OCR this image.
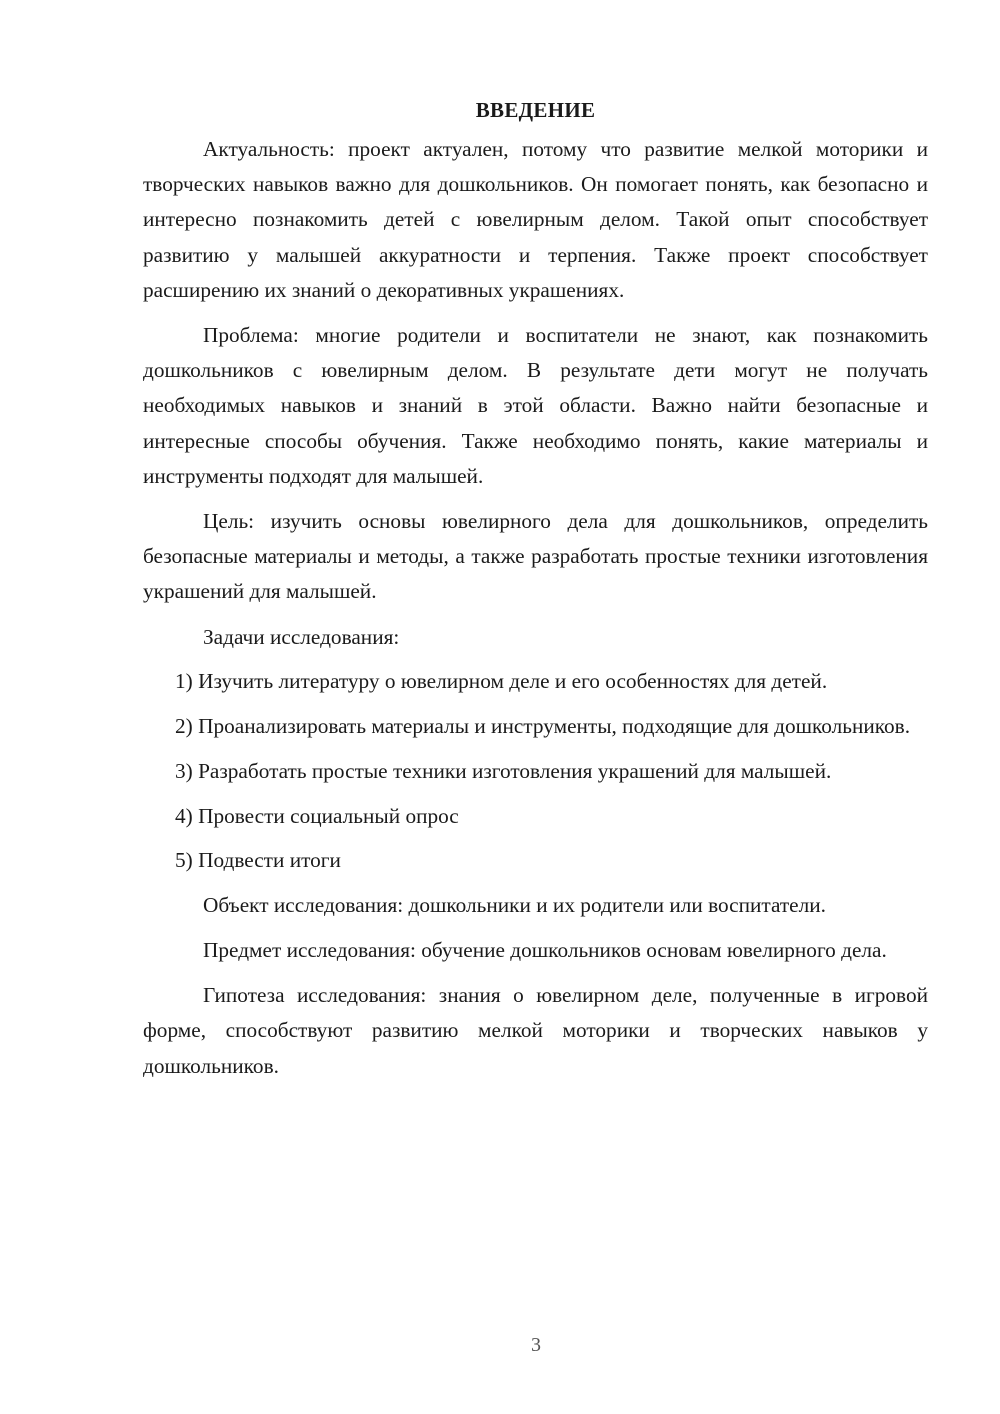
ВВЕДЕНИЕ

Актуальность: проект актуален, потому что развитие мелкой моторики и творческих навыков важно для дошкольников. Он помогает понять, как безопасно и интересно познакомить детей с ювелирным делом. Такой опыт способствует развитию у малышей аккуратности и терпения. Также проект способствует расширению их знаний о декоративных украшениях.

Проблема: многие родители и воспитатели не знают, как познакомить дошкольников с ювелирным делом. В результате дети могут не получать необходимых навыков и знаний в этой области. Важно найти безопасные и интересные способы обучения. Также необходимо понять, какие материалы и инструменты подходят для малышей.

Цель: изучить основы ювелирного дела для дошкольников, определить безопасные материалы и методы, а также разработать простые техники изготовления украшений для малышей.

Задачи исследования:

1) Изучить литературу о ювелирном деле и его особенностях для детей.

2) Проанализировать материалы и инструменты, подходящие для дошкольников.

3) Разработать простые техники изготовления украшений для малышей.

4) Провести социальный опрос

5) Подвести итоги

Объект исследования: дошкольники и их родители или воспитатели.

Предмет исследования: обучение дошкольников основам ювелирного дела.

Гипотеза исследования: знания о ювелирном деле, полученные в игровой форме, способствуют развитию мелкой моторики и творческих навыков у дошкольников.

3
